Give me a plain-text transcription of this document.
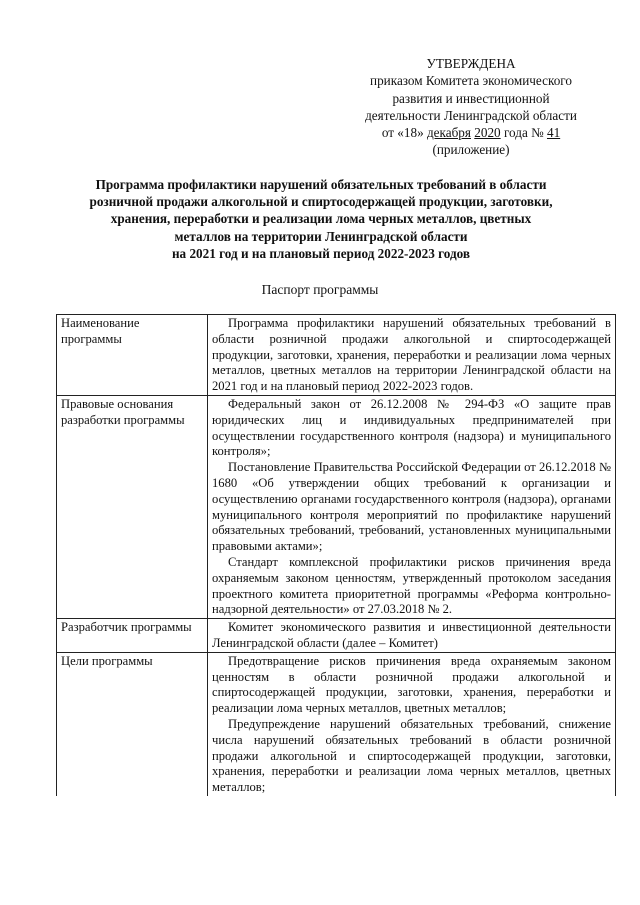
УТВЕРЖДЕНА
приказом Комитета экономического
развития и инвестиционной
деятельности Ленинградской области
от «18» декабря 2020 года № 41
(приложение)
Программа профилактики нарушений обязательных требований в области
розничной продажи алкогольной и спиртосодержащей продукции, заготовки,
хранения, переработки и реализации лома черных металлов, цветных
металлов на территории Ленинградской области
на 2021 год и на плановый период 2022-2023 годов
Паспорт программы
Наименование программы	Программа профилактики нарушений обязательных требований в области розничной продажи алкогольной и спиртосодержащей продукции, заготовки, хранения, переработки и реализации лома черных металлов, цветных металлов на территории Ленинградской области на 2021 год и на плановый период 2022-2023 годов.

Правовые основания разработки программы	Федеральный закон от 26.12.2008 № 294-ФЗ «О защите прав юридических лиц и индивидуальных предпринимателей при осуществлении государственного контроля (надзора) и муниципального контроля»;

Постановление Правительства Российской Федерации от 26.12.2018 № 1680 «Об утверждении общих требований к организации и осуществлению органами государственного контроля (надзора), органами муниципального контроля мероприятий по профилактике нарушений обязательных требований, требований, установленных муниципальными правовыми актами»;

Стандарт комплексной профилактики рисков причинения вреда охраняемым законом ценностям, утвержденный протоколом заседания проектного комитета приоритетной программы «Реформа контрольно-надзорной деятельности» от 27.03.2018 № 2.

Разработчик программы	Комитет экономического развития и инвестиционной деятельности Ленинградской области (далее – Комитет)

Цели программы	Предотвращение рисков причинения вреда охраняемым законом ценностям в области розничной продажи алкогольной и спиртосодержащей продукции, заготовки, хранения, переработки и реализации лома черных металлов, цветных металлов;

Предупреждение нарушений обязательных требований, снижение числа нарушений обязательных требований в области розничной продажи алкогольной и спиртосодержащей продукции, заготовки, хранения, переработки и реализации лома черных металлов, цветных металлов;
